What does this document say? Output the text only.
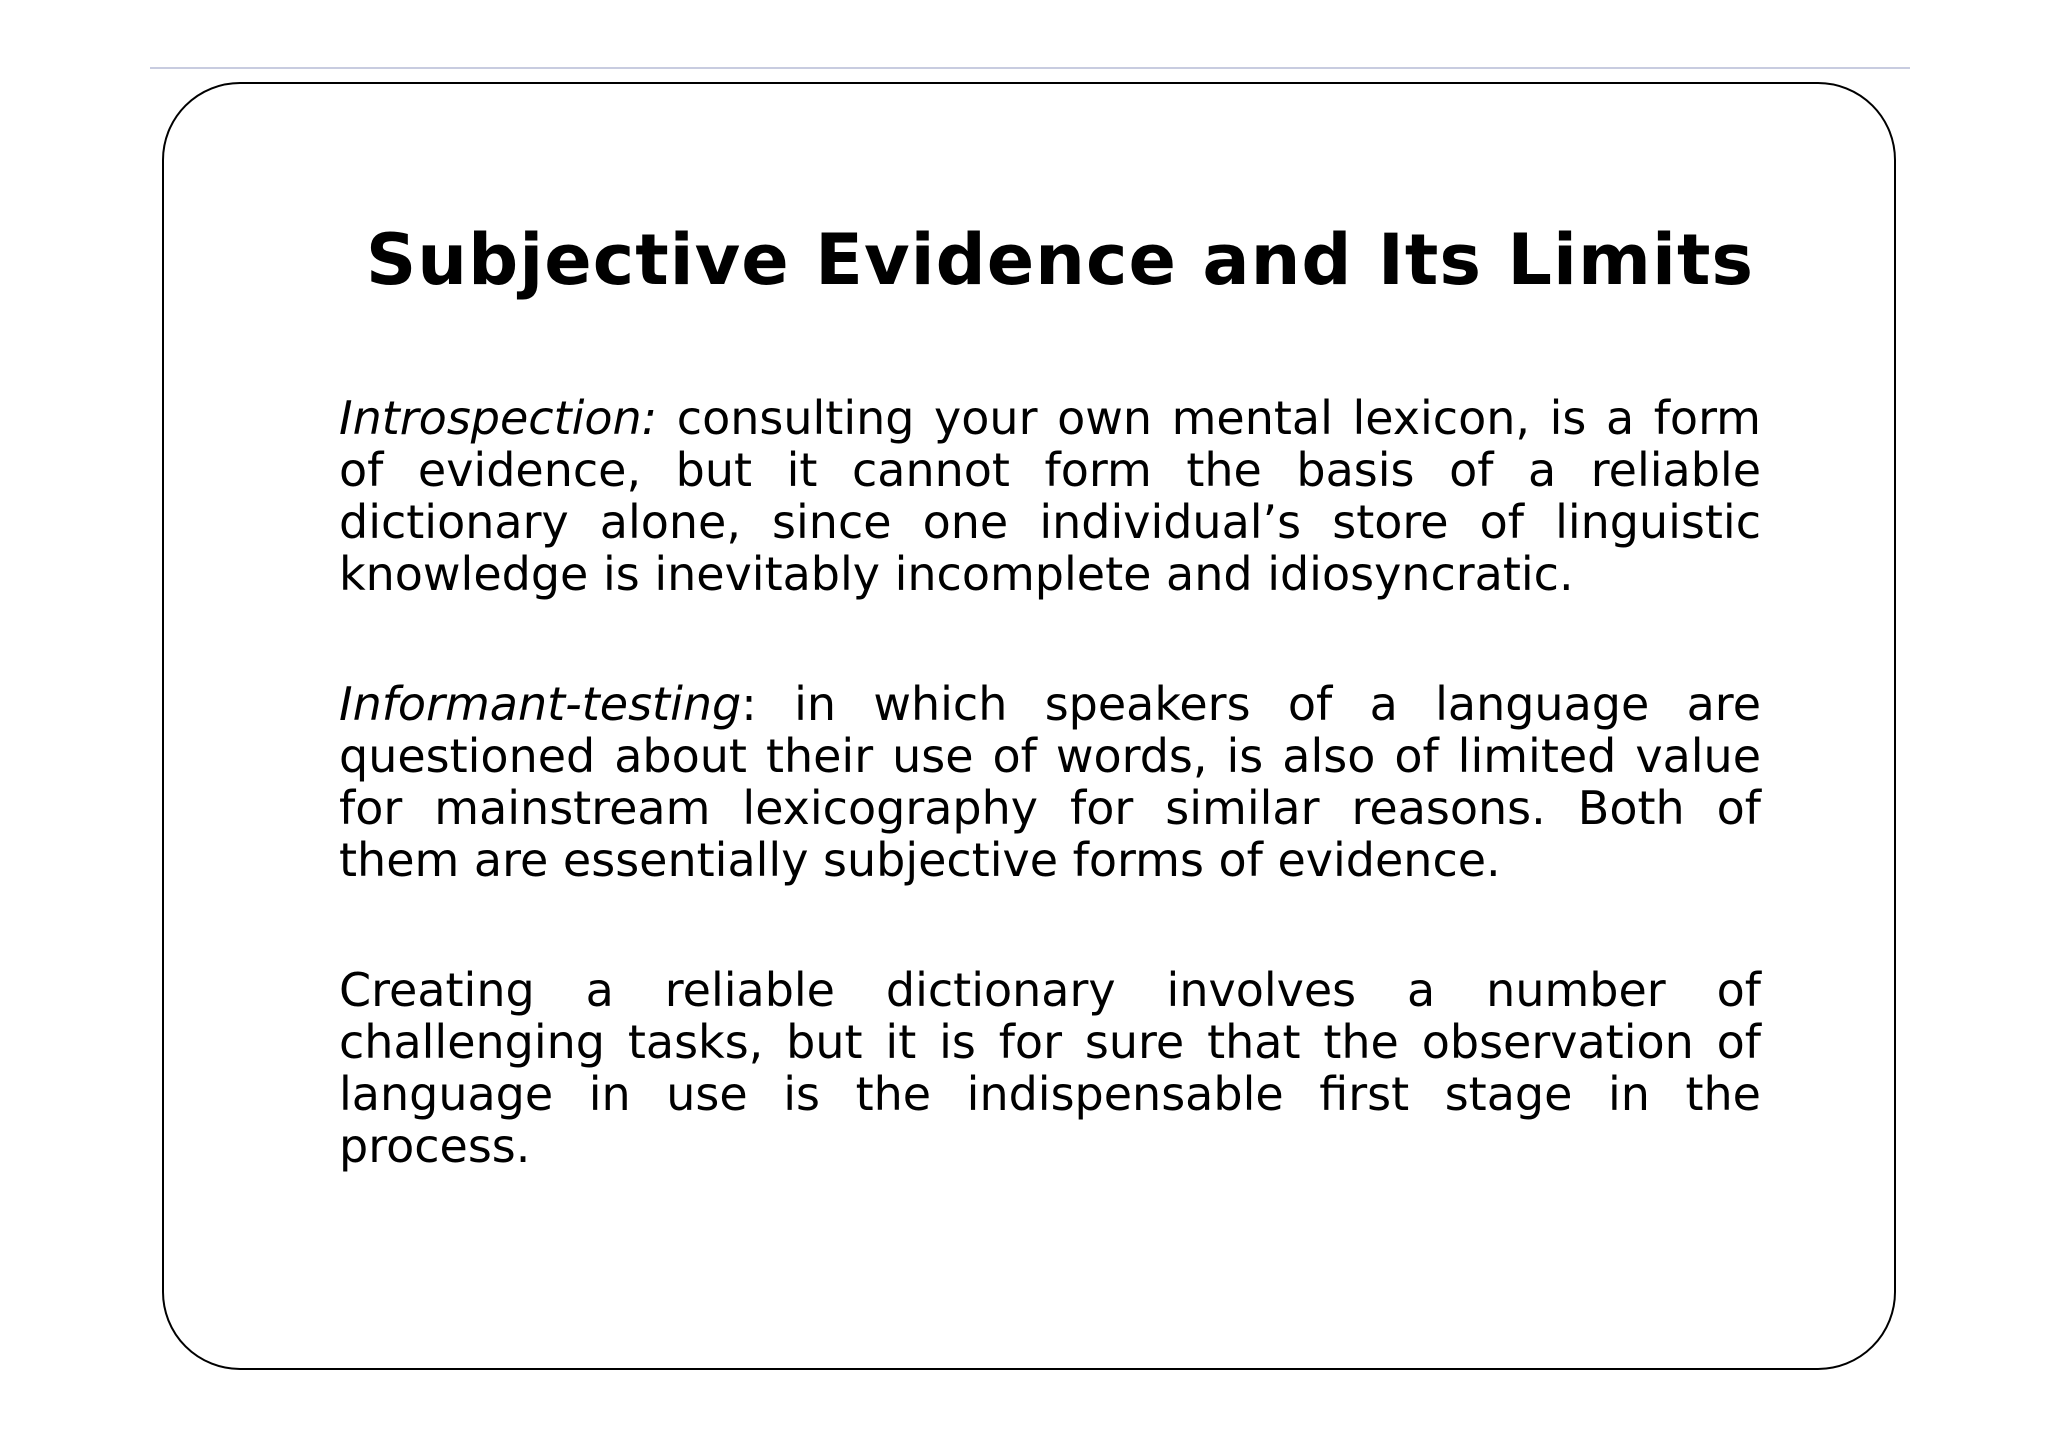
Subjective Evidence and Its Limits

Introspection: consulting your own mental lexicon, is a form of evidence, but it cannot form the basis of a reliable dictionary alone, since one individual’s store of linguistic knowledge is inevitably incomplete and idiosyncratic.

Informant-testing: in which speakers of a language are questioned about their use of words, is also of limited value for mainstream lexicography for similar reasons. Both of them are essentially subjective forms of evidence.

Creating a reliable dictionary involves a number of challenging tasks, but it is for sure that the observation of language in use is the indispensable first stage in the process.
